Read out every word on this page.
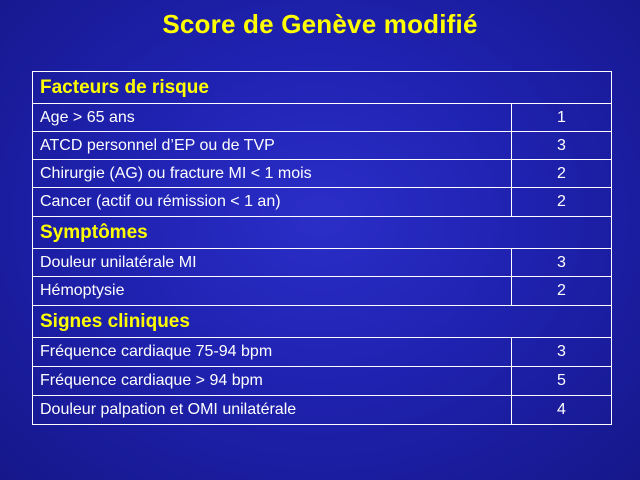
Score de Genève modifié
Facteurs de risque	
Age > 65 ans	1
ATCD personnel d’EP ou de TVP	3
Chirurgie (AG) ou fracture MI < 1 mois	2
Cancer (actif ou rémission < 1 an)	2
Symptômes	
Douleur unilatérale MI	3
Hémoptysie	2
Signes cliniques	
Fréquence cardiaque 75-94 bpm	3
Fréquence cardiaque > 94 bpm	5
Douleur palpation et OMI unilatérale	4
